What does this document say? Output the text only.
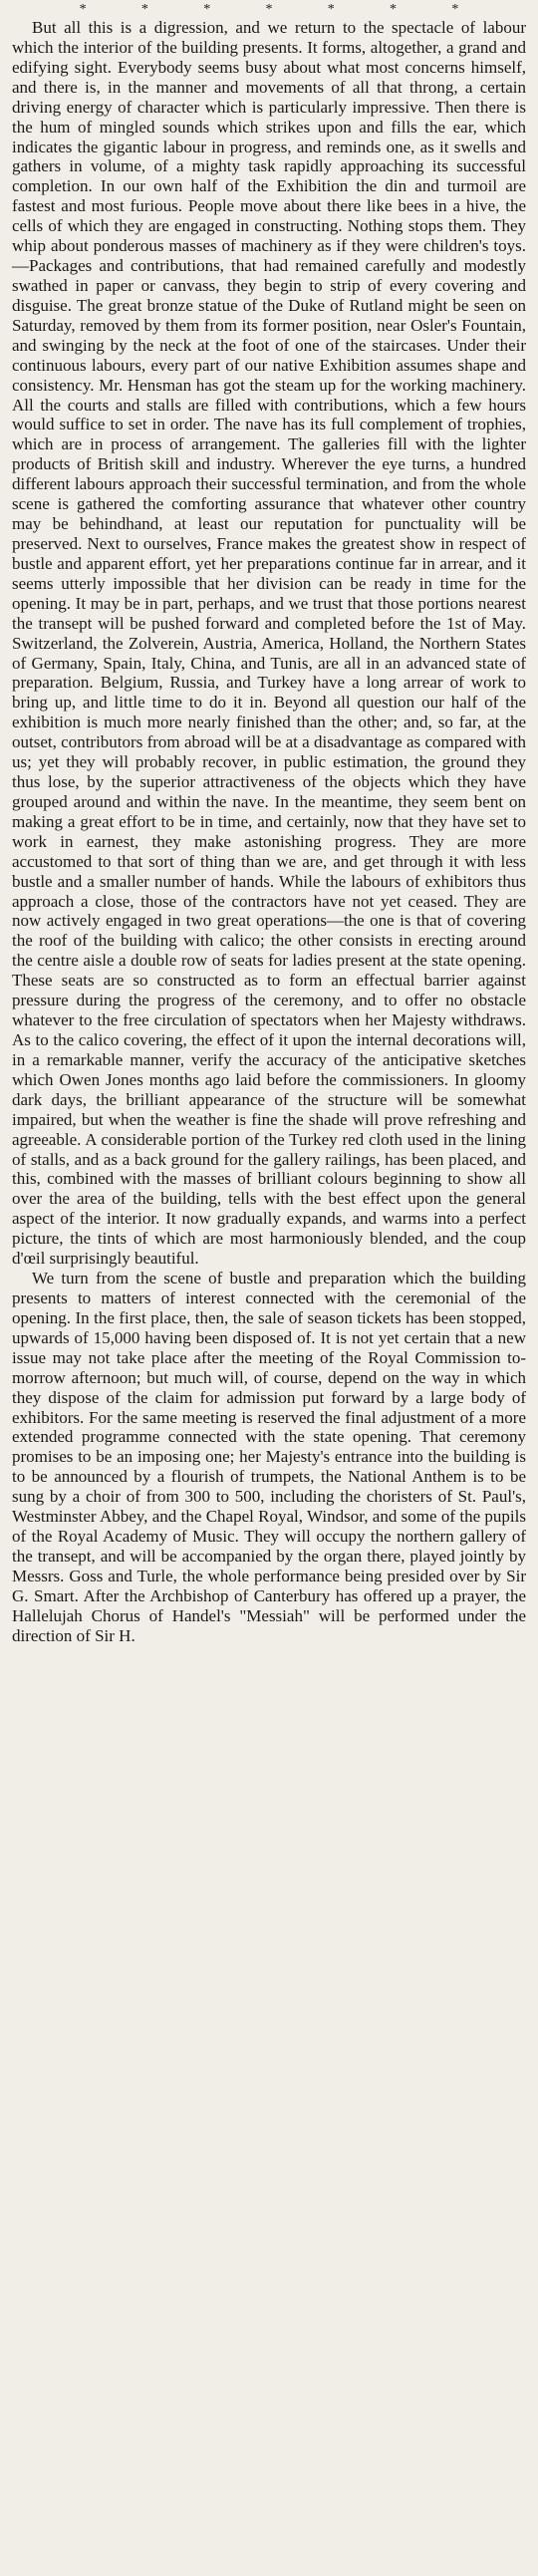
*	*	*	*	*	*	*

But all this is a digression, and we return to the spectacle of labour which the interior of the building presents. It forms, altogether, a grand and edifying sight. Everybody seems busy about what most concerns himself, and there is, in the manner and movements of all that throng, a certain driving energy of character which is particularly impressive. Then there is the hum of mingled sounds which strikes upon and fills the ear, which indicates the gigantic labour in progress, and reminds one, as it swells and gathers in volume, of a mighty task rapidly approaching its successful completion. In our own half of the Exhibition the din and turmoil are fastest and most furious. People move about there like bees in a hive, the cells of which they are engaged in constructing. Nothing stops them. They whip about ponderous masses of machinery as if they were children's toys.—Packages and contributions, that had remained carefully and modestly swathed in paper or canvass, they begin to strip of every covering and disguise. The great bronze statue of the Duke of Rutland might be seen on Saturday, removed by them from its former position, near Osler's Fountain, and swinging by the neck at the foot of one of the staircases. Under their continuous labours, every part of our native Exhibition assumes shape and consistency. Mr. Hensman has got the steam up for the working machinery. All the courts and stalls are filled with contributions, which a few hours would suffice to set in order. The nave has its full complement of trophies, which are in process of arrangement. The galleries fill with the lighter products of British skill and industry. Wherever the eye turns, a hundred different labours approach their successful termination, and from the whole scene is gathered the comforting assurance that whatever other country may be behindhand, at least our reputation for punctuality will be preserved. Next to ourselves, France makes the greatest show in respect of bustle and apparent effort, yet her preparations continue far in arrear, and it seems utterly impossible that her division can be ready in time for the opening. It may be in part, perhaps, and we trust that those portions nearest the transept will be pushed forward and completed before the 1st of May. Switzerland, the Zolverein, Austria, America, Holland, the Northern States of Germany, Spain, Italy, China, and Tunis, are all in an advanced state of preparation. Belgium, Russia, and Turkey have a long arrear of work to bring up, and little time to do it in. Beyond all question our half of the exhibition is much more nearly finished than the other; and, so far, at the outset, contributors from abroad will be at a disadvantage as compared with us; yet they will probably recover, in public estimation, the ground they thus lose, by the superior attractiveness of the objects which they have grouped around and within the nave. In the meantime, they seem bent on making a great effort to be in time, and certainly, now that they have set to work in earnest, they make astonishing progress. They are more accustomed to that sort of thing than we are, and get through it with less bustle and a smaller number of hands. While the labours of exhibitors thus approach a close, those of the contractors have not yet ceased. They are now actively engaged in two great operations—the one is that of covering the roof of the building with calico; the other consists in erecting around the centre aisle a double row of seats for ladies present at the state opening. These seats are so constructed as to form an effectual barrier against pressure during the progress of the ceremony, and to offer no obstacle whatever to the free circulation of spectators when her Majesty withdraws. As to the calico covering, the effect of it upon the internal decorations will, in a remarkable manner, verify the accuracy of the anticipative sketches which Owen Jones months ago laid before the commissioners. In gloomy dark days, the brilliant appearance of the structure will be somewhat impaired, but when the weather is fine the shade will prove refreshing and agreeable. A considerable portion of the Turkey red cloth used in the lining of stalls, and as a back ground for the gallery railings, has been placed, and this, combined with the masses of brilliant colours beginning to show all over the area of the building, tells with the best effect upon the general aspect of the interior. It now gradually expands, and warms into a perfect picture, the tints of which are most harmoniously blended, and the coup d'œil surprisingly beautiful.

We turn from the scene of bustle and preparation which the building presents to matters of interest connected with the ceremonial of the opening. In the first place, then, the sale of season tickets has been stopped, upwards of 15,000 having been disposed of. It is not yet certain that a new issue may not take place after the meeting of the Royal Commission to-morrow afternoon; but much will, of course, depend on the way in which they dispose of the claim for admission put forward by a large body of exhibitors. For the same meeting is reserved the final adjustment of a more extended programme connected with the state opening. That ceremony promises to be an imposing one; her Majesty's entrance into the building is to be announced by a flourish of trumpets, the National Anthem is to be sung by a choir of from 300 to 500, including the choristers of St. Paul's, Westminster Abbey, and the Chapel Royal, Windsor, and some of the pupils of the Royal Academy of Music. They will occupy the northern gallery of the transept, and will be accompanied by the organ there, played jointly by Messrs. Goss and Turle, the whole performance being presided over by Sir G. Smart. After the Archbishop of Canterbury has offered up a prayer, the Hallelujah Chorus of Handel's "Messiah" will be performed under the direction of Sir H.
